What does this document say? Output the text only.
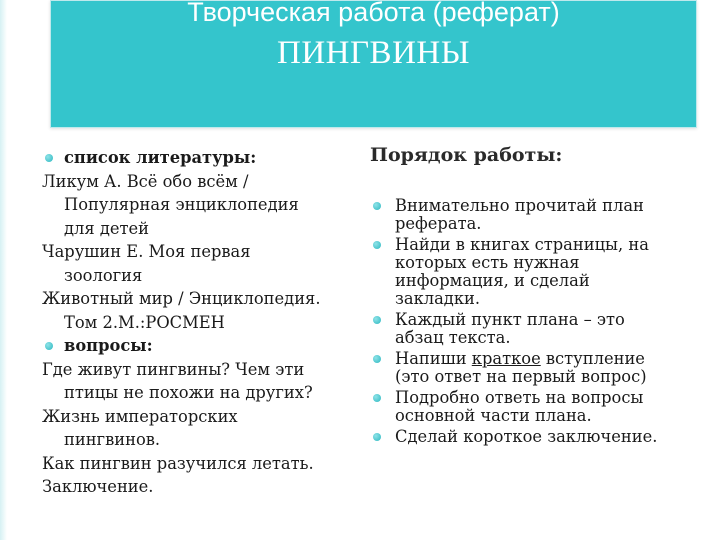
Творческая работа (реферат)
ПИНГВИНЫ
список литературы:
Ликум А. Всё обо всём /
Популярная энциклопедия
для детей
Чарушин Е. Моя первая
зоология
Животный мир / Энциклопедия.
Том 2.М.:РОСМЕН
вопросы:
Где живут пингвины? Чем эти
птицы не похожи на других?
Жизнь императорских
пингвинов.
Как пингвин разучился летать.
Заключение.
Порядок работы:
Внимательно прочитай план
реферата.
Найди в книгах страницы, на
которых есть нужная
информация, и сделай
закладки.
Каждый пункт плана – это
абзац текста.
Напиши краткое вступление
(это ответ на первый вопрос)
Подробно ответь на вопросы
основной части плана.
Сделай короткое заключение.
